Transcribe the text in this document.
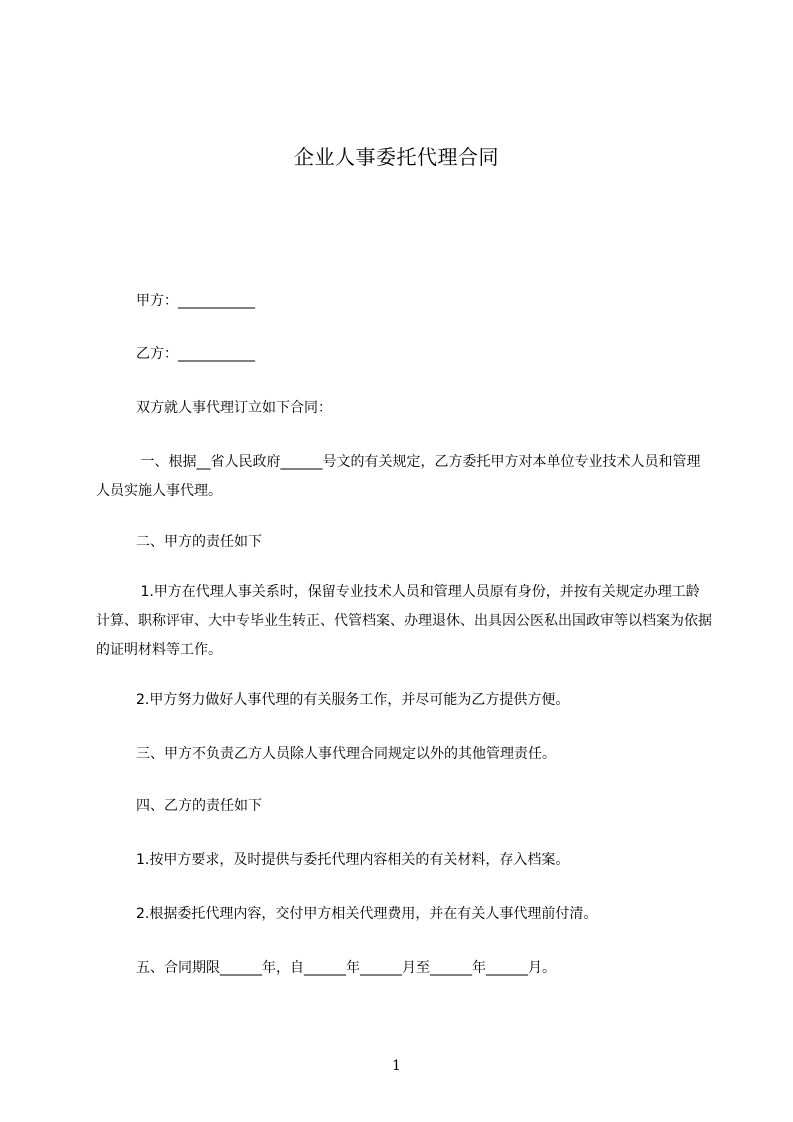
企业人事委托代理合同
甲方：___________
乙方：___________
双方就人事代理订立如下合同：
一、根据__省人民政府______号文的有关规定，乙方委托甲方对本单位专业技术人员和管理人员实施人事代理。
二、甲方的责任如下
1.甲方在代理人事关系时，保留专业技术人员和管理人员原有身份，并按有关规定办理工龄计算、职称评审、大中专毕业生转正、代管档案、办理退休、出具因公医私出国政审等以档案为依据的证明材料等工作。
2.甲方努力做好人事代理的有关服务工作，并尽可能为乙方提供方便。
三、甲方不负责乙方人员除人事代理合同规定以外的其他管理责任。
四、乙方的责任如下
1.按甲方要求，及时提供与委托代理内容相关的有关材料，存入档案。
2.根据委托代理内容，交付甲方相关代理费用，并在有关人事代理前付清。
五、合同期限______年，自______年______月至______年______月。
1
